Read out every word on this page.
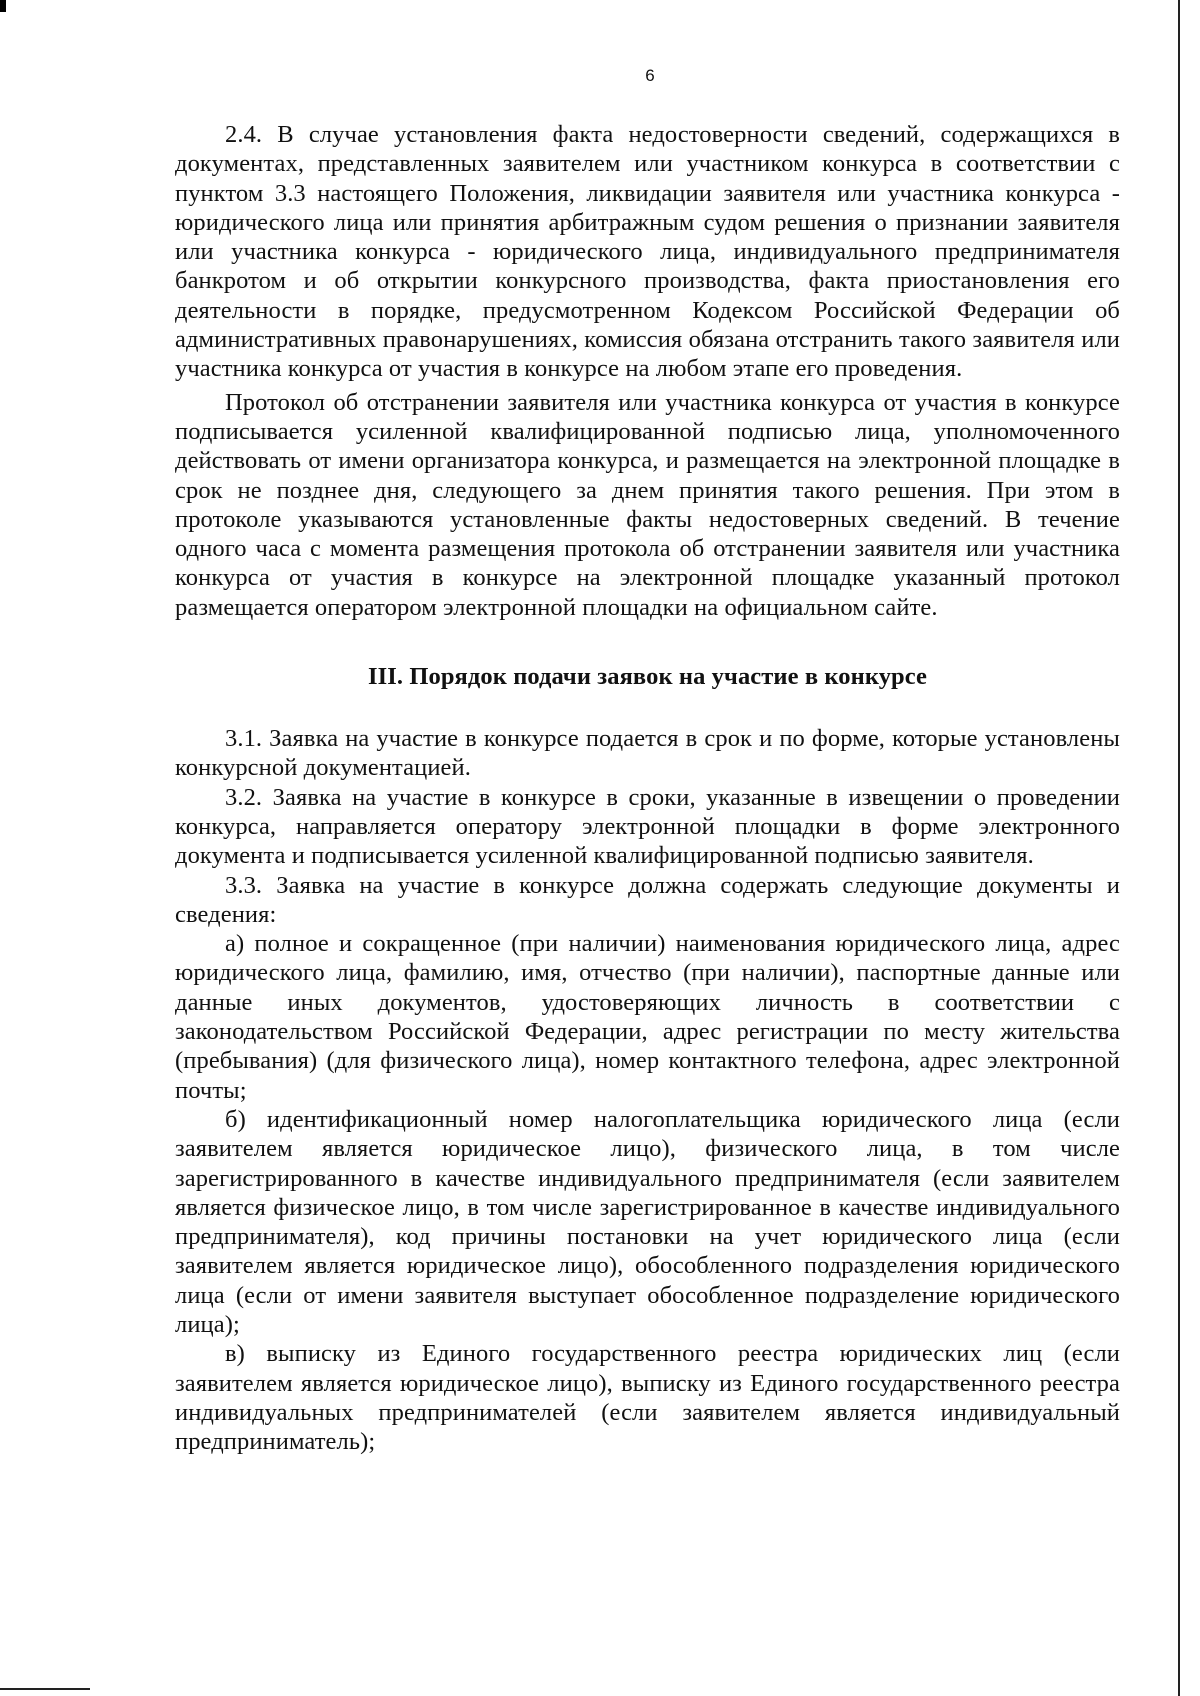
6

2.4. В случае установления факта недостоверности сведений, содержащихся в документах, представленных заявителем или участником конкурса в соответствии с пунктом 3.3 настоящего Положения, ликвидации заявителя или участника конкурса - юридического лица или принятия арбитражным судом решения о признании заявителя или участника конкурса - юридического лица, индивидуального предпринимателя банкротом и об открытии конкурсного производства, факта приостановления его деятельности в порядке, предусмотренном Кодексом Российской Федерации об административных правонарушениях, комиссия обязана отстранить такого заявителя или участника конкурса от участия в конкурсе на любом этапе его проведения.

Протокол об отстранении заявителя или участника конкурса от участия в конкурсе подписывается усиленной квалифицированной подписью лица, уполномоченного действовать от имени организатора конкурса, и размещается на электронной площадке в срок не позднее дня, следующего за днем принятия такого решения. При этом в протоколе указываются установленные факты недостоверных сведений. В течение одного часа с момента размещения протокола об отстранении заявителя или участника конкурса от участия в конкурсе на электронной площадке указанный протокол размещается оператором электронной площадки на официальном сайте.

III. Порядок подачи заявок на участие в конкурсе

3.1. Заявка на участие в конкурсе подается в срок и по форме, которые установлены конкурсной документацией.

3.2. Заявка на участие в конкурсе в сроки, указанные в извещении о проведении конкурса, направляется оператору электронной площадки в форме электронного документа и подписывается усиленной квалифицированной подписью заявителя.

3.3. Заявка на участие в конкурсе должна содержать следующие документы и сведения:

а) полное и сокращенное (при наличии) наименования юридического лица, адрес юридического лица, фамилию, имя, отчество (при наличии), паспортные данные или данные иных документов, удостоверяющих личность в соответствии с законодательством Российской Федерации, адрес регистрации по месту жительства (пребывания) (для физического лица), номер контактного телефона, адрес электронной почты;

б) идентификационный номер налогоплательщика юридического лица (если заявителем является юридическое лицо), физического лица, в том числе зарегистрированного в качестве индивидуального предпринимателя (если заявителем является физическое лицо, в том числе зарегистрированное в качестве индивидуального предпринимателя), код причины постановки на учет юридического лица (если заявителем является юридическое лицо), обособленного подразделения юридического лица (если от имени заявителя выступает обособленное подразделение юридического лица);

в) выписку из Единого государственного реестра юридических лиц (если заявителем является юридическое лицо), выписку из Единого государственного реестра индивидуальных предпринимателей (если заявителем является индивидуальный предприниматель);
